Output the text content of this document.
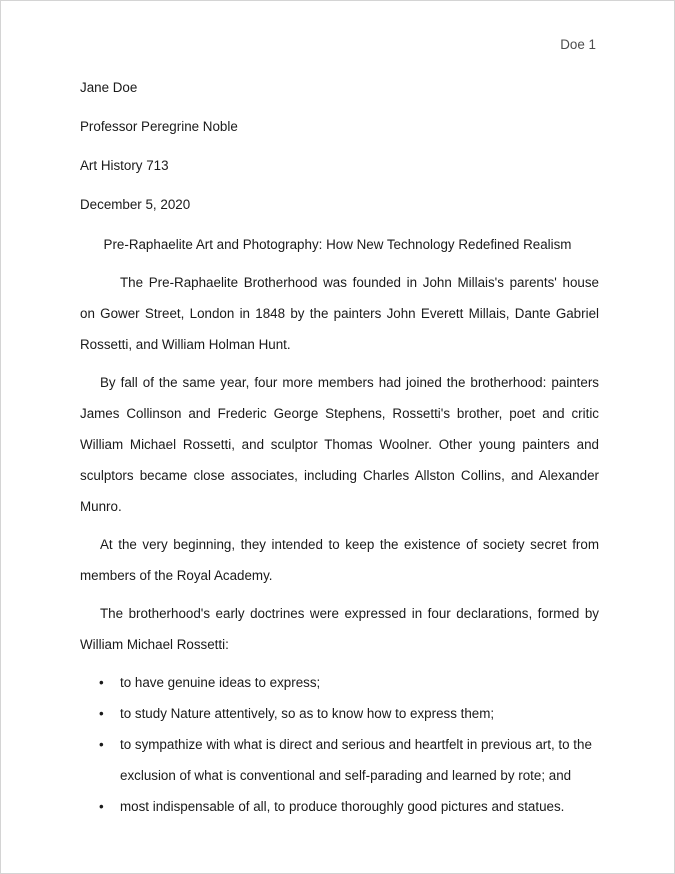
Doe 1
Jane Doe
Professor Peregrine Noble
Art History 713
December 5, 2020
Pre-Raphaelite Art and Photography: How New Technology Redefined Realism

The Pre-Raphaelite Brotherhood was founded in John Millais's parents' house on Gower Street, London in 1848 by the painters John Everett Millais, Dante Gabriel Rossetti, and William Holman Hunt.

By fall of the same year, four more members had joined the brotherhood: painters James Collinson and Frederic George Stephens, Rossetti's brother, poet and critic William Michael Rossetti, and sculptor Thomas Woolner. Other young painters and sculptors became close associates, including Charles Allston Collins, and Alexander Munro.

At the very beginning, they intended to keep the existence of society secret from members of the Royal Academy.

The brotherhood's early doctrines were expressed in four declarations, formed by William Michael Rossetti:

• to have genuine ideas to express;
• to study Nature attentively, so as to know how to express them;
• to sympathize with what is direct and serious and heartfelt in previous art, to the exclusion of what is conventional and self-parading and learned by rote; and
• most indispensable of all, to produce thoroughly good pictures and statues.
